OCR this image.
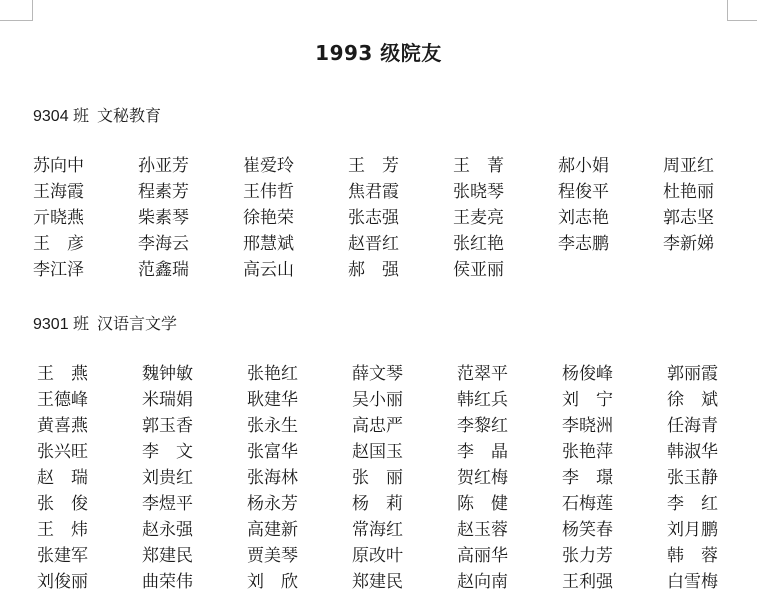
1993 级院友
9304 班 文秘教育
苏向中	孙亚芳	崔爱玲	王　芳	王　菁	郝小娟	周亚红
王海霞	程素芳	王伟哲	焦君霞	张晓琴	程俊平	杜艳丽
亓晓燕	柴素琴	徐艳荣	张志强	王麦亮	刘志艳	郭志坚
王　彦	李海云	邢慧斌	赵晋红	张红艳	李志鹏	李新娣
李江泽	范鑫瑞	高云山	郝　强	侯亚丽
9301 班 汉语言文学
王　燕	魏钟敏	张艳红	薛文琴	范翠平	杨俊峰	郭丽霞
王德峰	米瑞娟	耿建华	吴小丽	韩红兵	刘　宁	徐　斌
黄喜燕	郭玉香	张永生	高忠严	李黎红	李晓洲	任海青
张兴旺	李　文	张富华	赵国玉	李　晶	张艳萍	韩淑华
赵　瑞	刘贵红	张海林	张　丽	贺红梅	李　璟	张玉静
张　俊	李煜平	杨永芳	杨　莉	陈　健	石梅莲	李　红
王　炜	赵永强	高建新	常海红	赵玉蓉	杨笑春	刘月鹏
张建军	郑建民	贾美琴	原改叶	高丽华	张力芳	韩　蓉
刘俊丽	曲荣伟	刘　欣	郑建民	赵向南	王利强	白雪梅
